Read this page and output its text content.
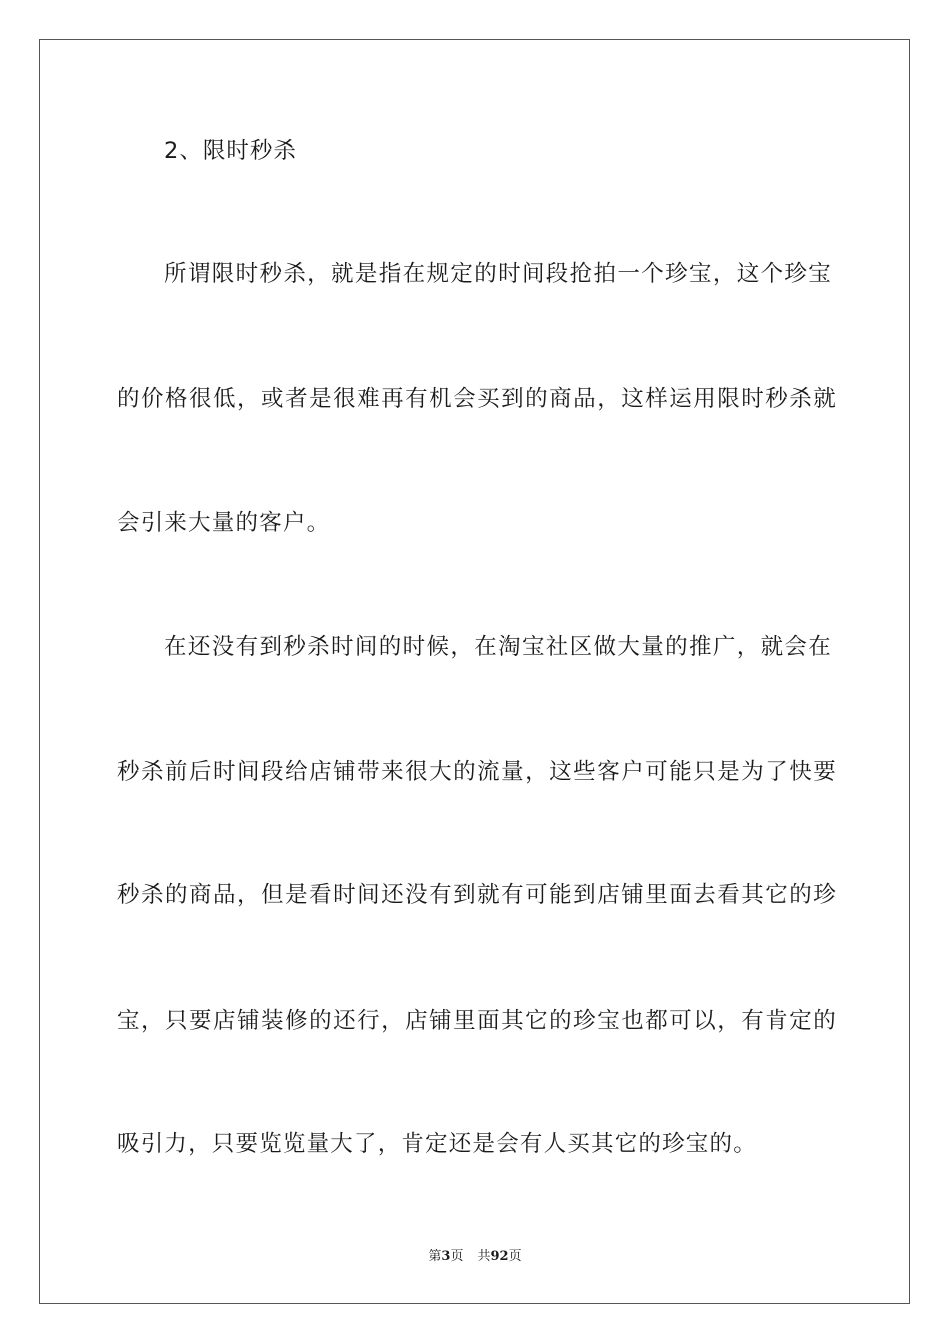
2、限时秒杀
所谓限时秒杀，就是指在规定的时间段抢拍一个珍宝，这个珍宝
的价格很低，或者是很难再有机会买到的商品，这样运用限时秒杀就
会引来大量的客户。
在还没有到秒杀时间的时候，在淘宝社区做大量的推广，就会在
秒杀前后时间段给店铺带来很大的流量，这些客户可能只是为了快要
秒杀的商品，但是看时间还没有到就有可能到店铺里面去看其它的珍
宝，只要店铺装修的还行，店铺里面其它的珍宝也都可以，有肯定的
吸引力，只要览览量大了，肯定还是会有人买其它的珍宝的。
第3页 共92页
